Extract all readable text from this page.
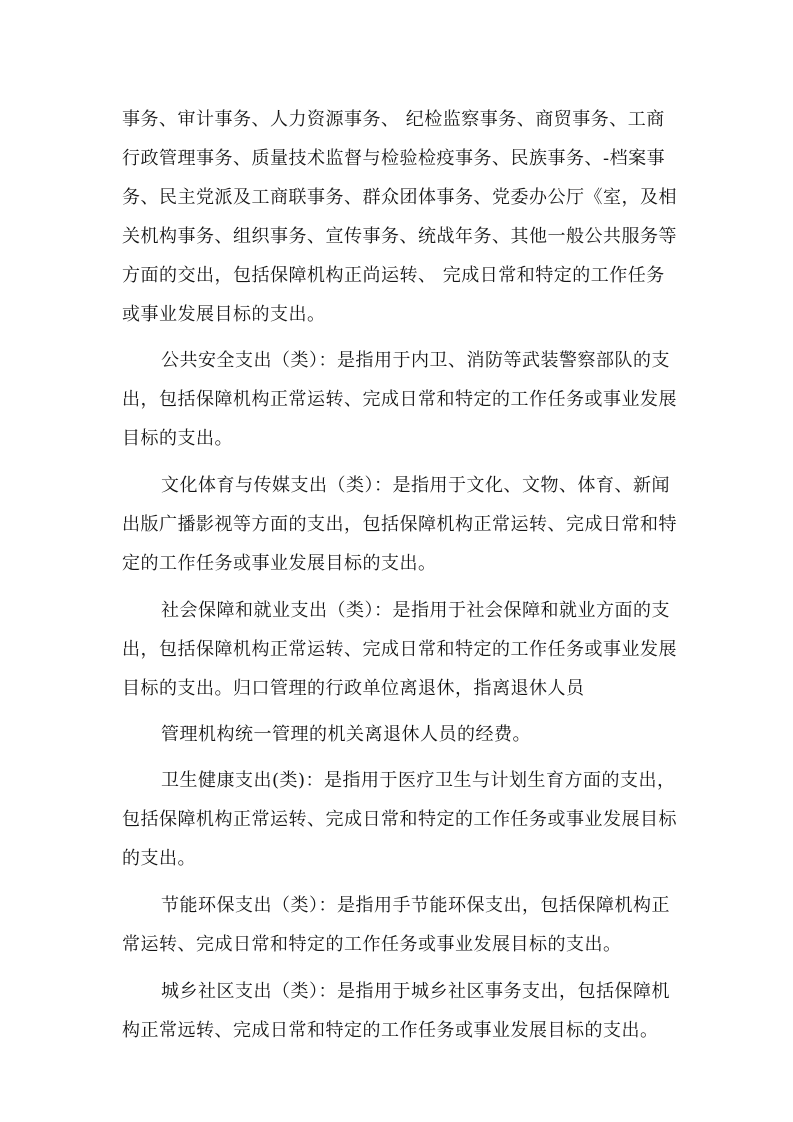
事务、审计事务、人力资源事务、 纪检监察事务、商贸事务、工商
行政管理事务、质量技术监督与检验检疫事务、民族事务、-档案事
务、民主党派及工商联事务、群众团体事务、党委办公厅《室，及相
关机构事务、组织事务、宣传事务、统战年务、其他一般公共服务等
方面的交出，包括保障机构正尚运转、 完成日常和特定的工作任务
或事业发展目标的支出。
公共安全支出（类）：是指用于内卫、消防等武装警察部队的支
出，包括保障机构正常运转、完成日常和特定的工作任务或事业发展
目标的支出。
文化体育与传媒支出（类）：是指用于文化、文物、体育、新闻
出版广播影视等方面的支出，包括保障机构正常运转、完成日常和特
定的工作任务或事业发展目标的支出。
社会保障和就业支出（类）：是指用于社会保障和就业方面的支
出，包括保障机构正常运转、完成日常和特定的工作任务或事业发展
目标的支出。归口管理的行政单位离退休，指离退休人员
管理机构统一管理的机关离退休人员的经费。
卫生健康支出(类)：是指用于医疗卫生与计划生育方面的支出，
包括保障机构正常运转、完成日常和特定的工作任务或事业发展目标
的支出。
节能环保支出（类）：是指用手节能环保支出，包括保障机构正
常运转、完成日常和特定的工作任务或事业发展目标的支出。
城乡社区支出（类）：是指用于城乡社区事务支出，包括保障机
构正常远转、完成日常和特定的工作任务或事业发展目标的支出。
